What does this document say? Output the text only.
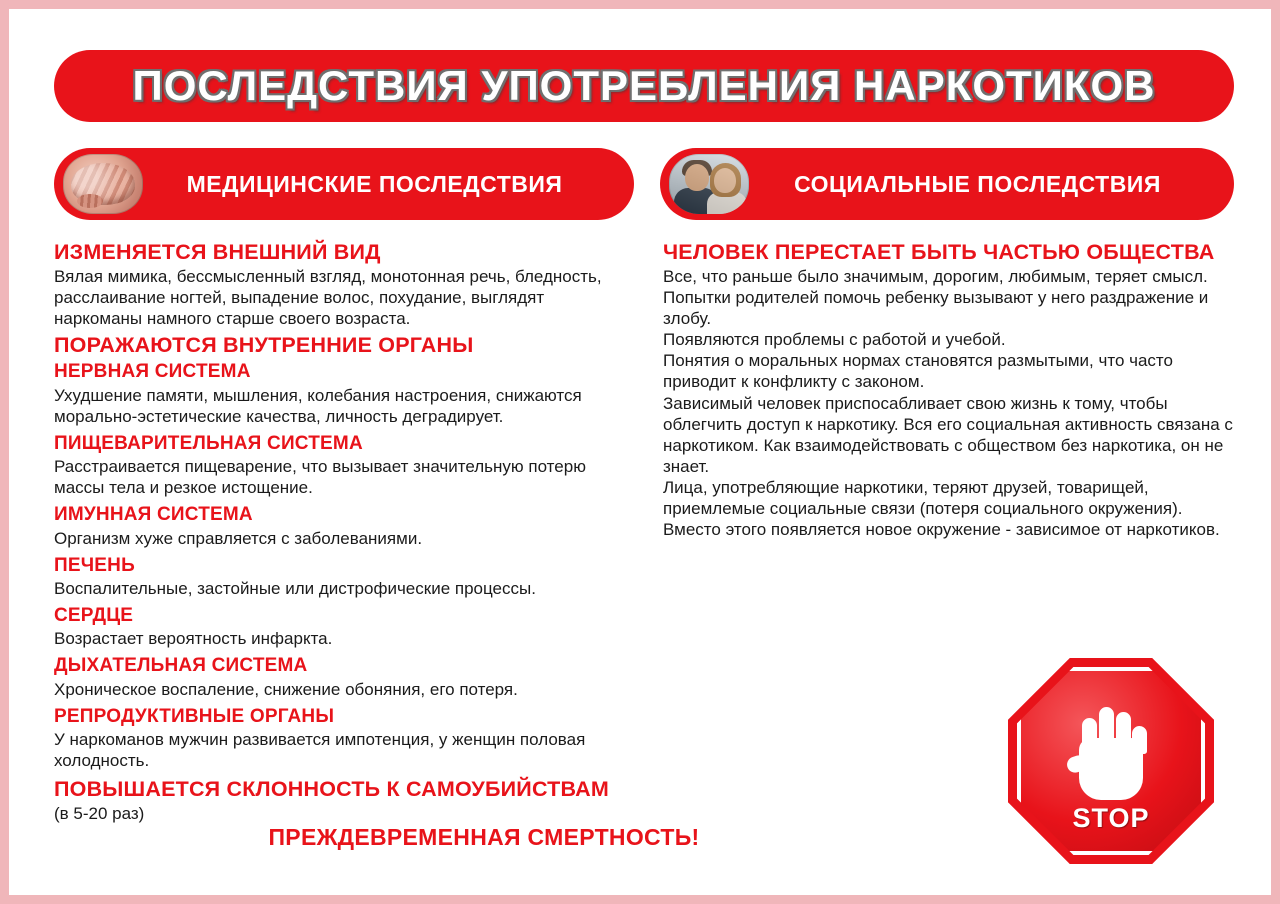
ПОСЛЕДСТВИЯ УПОТРЕБЛЕНИЯ НАРКОТИКОВ
МЕДИЦИНСКИЕ ПОСЛЕДСТВИЯ	СОЦИАЛЬНЫЕ ПОСЛЕДСТВИЯ
ИЗМЕНЯЕТСЯ ВНЕШНИЙ ВИД

Вялая мимика, бессмысленный взгляд, монотонная речь, бледность, расслаивание ногтей, выпадение волос, похудание, выглядят наркоманы намного старше своего возраста.

ПОРАЖАЮТСЯ ВНУТРЕННИЕ ОРГАНЫ
НЕРВНАЯ СИСТЕМА

Ухудшение памяти, мышления, колебания настроения, снижаются морально-эстетические качества, личность деградирует.

ПИЩЕВАРИТЕЛЬНАЯ СИСТЕМА

Расстраивается пищеварение, что вызывает значительную потерю массы тела и резкое истощение.

ИМУННАЯ СИСТЕМА

Организм хуже справляется с заболеваниями.

ПЕЧЕНЬ

Воспалительные, застойные или дистрофические процессы.

СЕРДЦЕ

Возрастает вероятность инфаркта.

ДЫХАТЕЛЬНАЯ СИСТЕМА

Хроническое воспаление, снижение обоняния, его потеря.

РЕПРОДУКТИВНЫЕ ОРГАНЫ

У наркоманов мужчин развивается импотенция, у женщин половая холодность.

ПОВЫШАЕТСЯ СКЛОННОСТЬ К САМОУБИЙСТВАМ

(в 5-20 раз)

ЧЕЛОВЕК ПЕРЕСТАЕТ БЫТЬ ЧАСТЬЮ ОБЩЕСТВА

Все, что раньше было значимым, дорогим, любимым, теряет смысл.

Попытки родителей помочь ребенку вызывают у него раздражение и злобу.

Появляются проблемы с работой и учебой.

Понятия о моральных нормах становятся размытыми, что часто приводит к конфликту с законом.

Зависимый человек приспосабливает свою жизнь к тому, чтобы облегчить доступ к наркотику. Вся его социальная активность связана с наркотиком. Как взаимодействовать с обществом без наркотика, он не знает.

Лица, употребляющие наркотики, теряют друзей, товарищей, приемлемые социальные связи (потеря социального окружения). Вместо этого появляется новое окружение - зависимое от наркотиков.

STOP
ПРЕЖДЕВРЕМЕННАЯ СМЕРТНОСТЬ!
